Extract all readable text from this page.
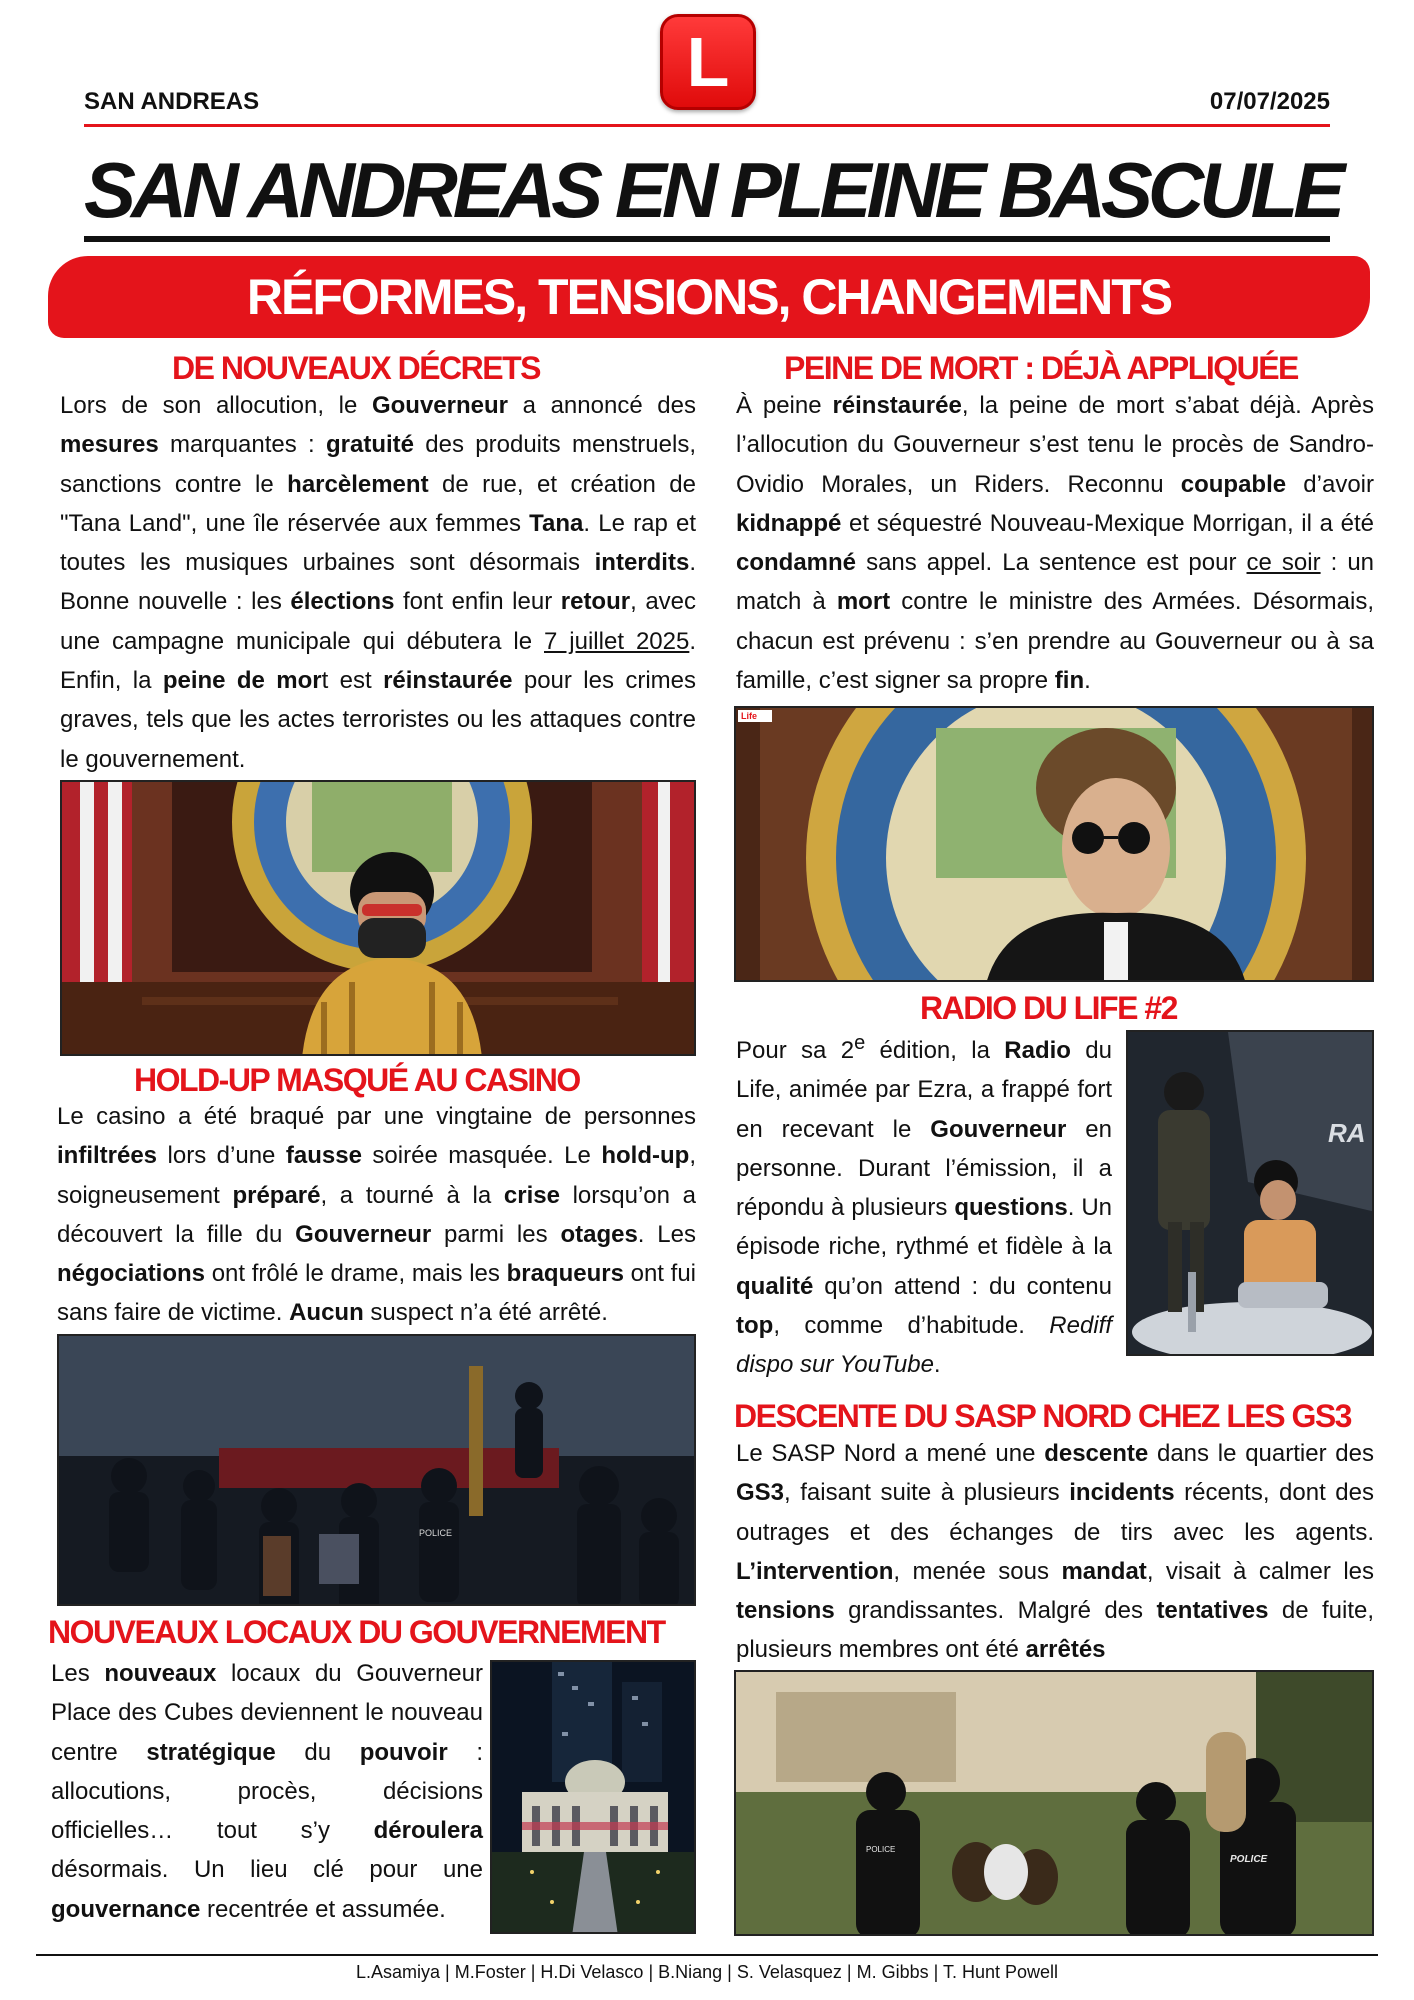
L
SAN ANDREAS	07/07/2025
SAN ANDREAS EN PLEINE BASCULE
RÉFORMES, TENSIONS, CHANGEMENTS
DE NOUVEAUX DÉCRETS
Lors de son allocution, le Gouverneur a annoncé des mesures marquantes : gratuité des produits menstruels, sanctions contre le harcèlement de rue, et création de "Tana Land", une île réservée aux femmes Tana. Le rap et toutes les musiques urbaines sont désormais interdits. Bonne nouvelle : les élections font enfin leur retour, avec une campagne municipale qui débutera le 7 juillet 2025. Enfin, la peine de mort est réinstaurée pour les crimes graves, tels que les actes terroristes ou les attaques contre le gouvernement.
HOLD-UP MASQUÉ AU CASINO
Le casino a été braqué par une vingtaine de personnes infiltrées lors d’une fausse soirée masquée. Le hold-up, soigneusement préparé, a tourné à la crise lorsqu’on a découvert la fille du Gouverneur parmi les otages. Les négociations ont frôlé le drame, mais les braqueurs ont fui sans faire de victime. Aucun suspect n’a été arrêté.
POLICE
NOUVEAUX LOCAUX DU GOUVERNEMENT
Les nouveaux locaux du Gouverneur Place des Cubes deviennent le nouveau centre stratégique du pouvoir : allocutions, procès, décisions officielles… tout s’y déroulera désormais. Un lieu clé pour une gouvernance recentrée et assumée.
PEINE DE MORT : DÉJÀ APPLIQUÉE
À peine réinstaurée, la peine de mort s’abat déjà. Après l’allocution du Gouverneur s’est tenu le procès de Sandro-Ovidio Morales, un Riders. Reconnu coupable d’avoir kidnappé et séquestré Nouveau-Mexique Morrigan, il a été condamné sans appel. La sentence est pour ce soir : un match à mort contre le ministre des Armées. Désormais, chacun est prévenu : s’en prendre au Gouverneur ou à sa famille, c’est signer sa propre fin.
Life
RADIO DU LIFE #2
Pour sa 2e édition, la Radio du Life, animée par Ezra, a frappé fort en recevant le Gouverneur en personne. Durant l’émission, il a répondu à plusieurs questions. Un épisode riche, rythmé et fidèle à la qualité qu’on attend : du contenu top, comme d’habitude. Rediff dispo sur YouTube.
RA
DESCENTE DU SASP NORD CHEZ LES GS3
Le SASP Nord a mené une descente dans le quartier des GS3, faisant suite à plusieurs incidents récents, dont des outrages et des échanges de tirs avec les agents. L’intervention, menée sous mandat, visait à calmer les tensions grandissantes. Malgré des tentatives de fuite, plusieurs membres ont été arrêtés
POLICE
POLICE
L.Asamiya | M.Foster | H.Di Velasco | B.Niang | S. Velasquez | M. Gibbs | T. Hunt Powell
